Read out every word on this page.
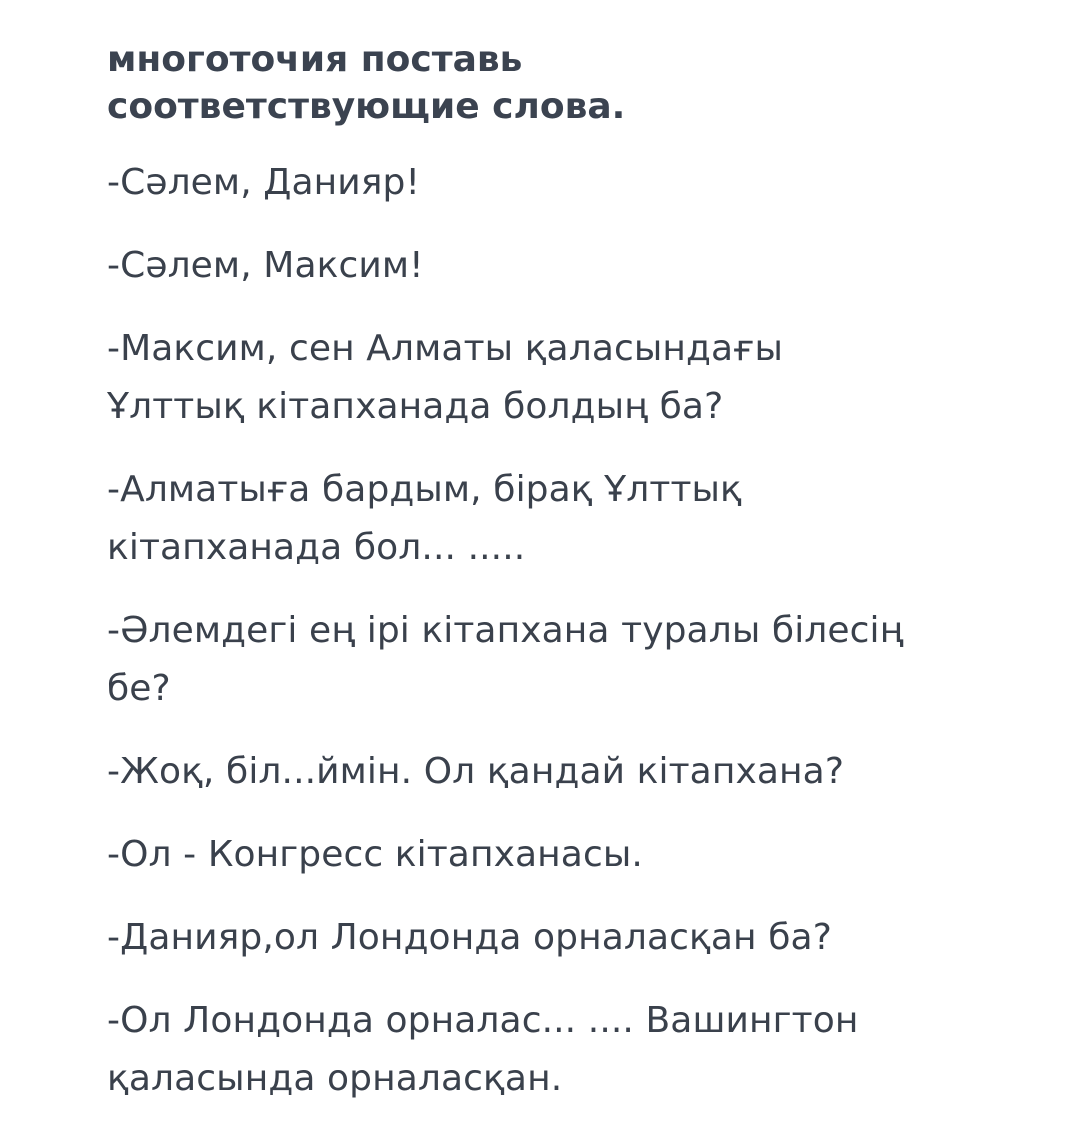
многоточия поставь
соответствующие слова.

-Сәлем, Данияр!

-Сәлем, Максим!

-Максим, сен Алматы қаласындағы
Ұлттық кітапханада болдың ба?

-Алматыға бардым, бірақ Ұлттық
кітапханада бол... .....

-Әлемдегі ең ірі кітапхана туралы білесің
бе?

-Жоқ, біл...ймін. Ол қандай кітапхана?

-Ол - Конгресс кітапханасы.

-Данияр,ол Лондонда орналасқан ба?

-Ол Лондонда орналас... .... Вашингтон
қаласында орналасқан.
